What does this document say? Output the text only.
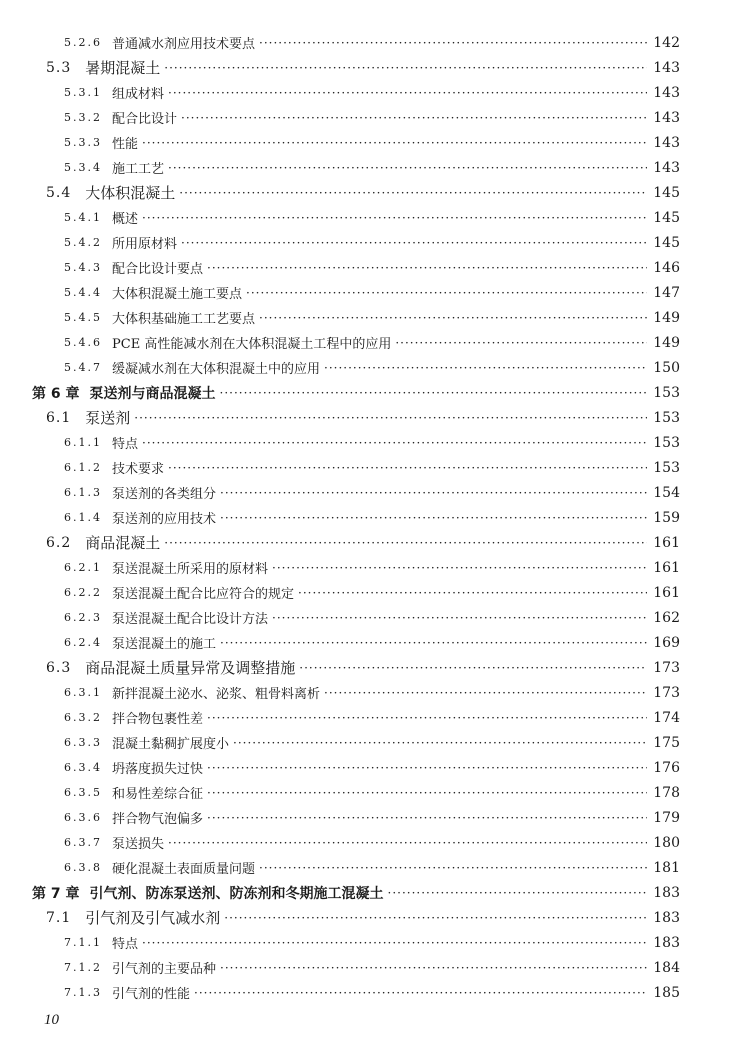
5.2.6 普通减水剂应用技术要点 ·····	142
5.3 暑期混凝土 ·····	143
5.3.1 组成材料 ·····	143
5.3.2 配合比设计 ·····	143
5.3.3 性能 ·····	143
5.3.4 施工工艺 ·····	143
5.4 大体积混凝土 ·····	145
5.4.1 概述 ·····	145
5.4.2 所用原材料 ·····	145
5.4.3 配合比设计要点 ·····	146
5.4.4 大体积混凝土施工要点 ·····	147
5.4.5 大体积基础施工工艺要点 ·····	149
5.4.6 PCE 高性能减水剂在大体积混凝土工程中的应用 ·····	149
5.4.7 缓凝减水剂在大体积混凝土中的应用 ·····	150
第 6 章 泵送剂与商品混凝土 ·····	153
6.1 泵送剂 ·····	153
6.1.1 特点 ·····	153
6.1.2 技术要求 ·····	153
6.1.3 泵送剂的各类组分 ·····	154
6.1.4 泵送剂的应用技术 ·····	159
6.2 商品混凝土 ·····	161
6.2.1 泵送混凝土所采用的原材料 ·····	161
6.2.2 泵送混凝土配合比应符合的规定 ·····	161
6.2.3 泵送混凝土配合比设计方法 ·····	162
6.2.4 泵送混凝土的施工 ·····	169
6.3 商品混凝土质量异常及调整措施 ·····	173
6.3.1 新拌混凝土泌水、泌浆、粗骨料离析 ·····	173
6.3.2 拌合物包裹性差 ·····	174
6.3.3 混凝土黏稠扩展度小 ·····	175
6.3.4 坍落度损失过快 ·····	176
6.3.5 和易性差综合征 ·····	178
6.3.6 拌合物气泡偏多 ·····	179
6.3.7 泵送损失 ·····	180
6.3.8 硬化混凝土表面质量问题 ·····	181
第 7 章 引气剂、防冻泵送剂、防冻剂和冬期施工混凝土 ·····	183
7.1 引气剂及引气减水剂 ·····	183
7.1.1 特点 ·····	183
7.1.2 引气剂的主要品种 ·····	184
7.1.3 引气剂的性能 ·····	185
10
